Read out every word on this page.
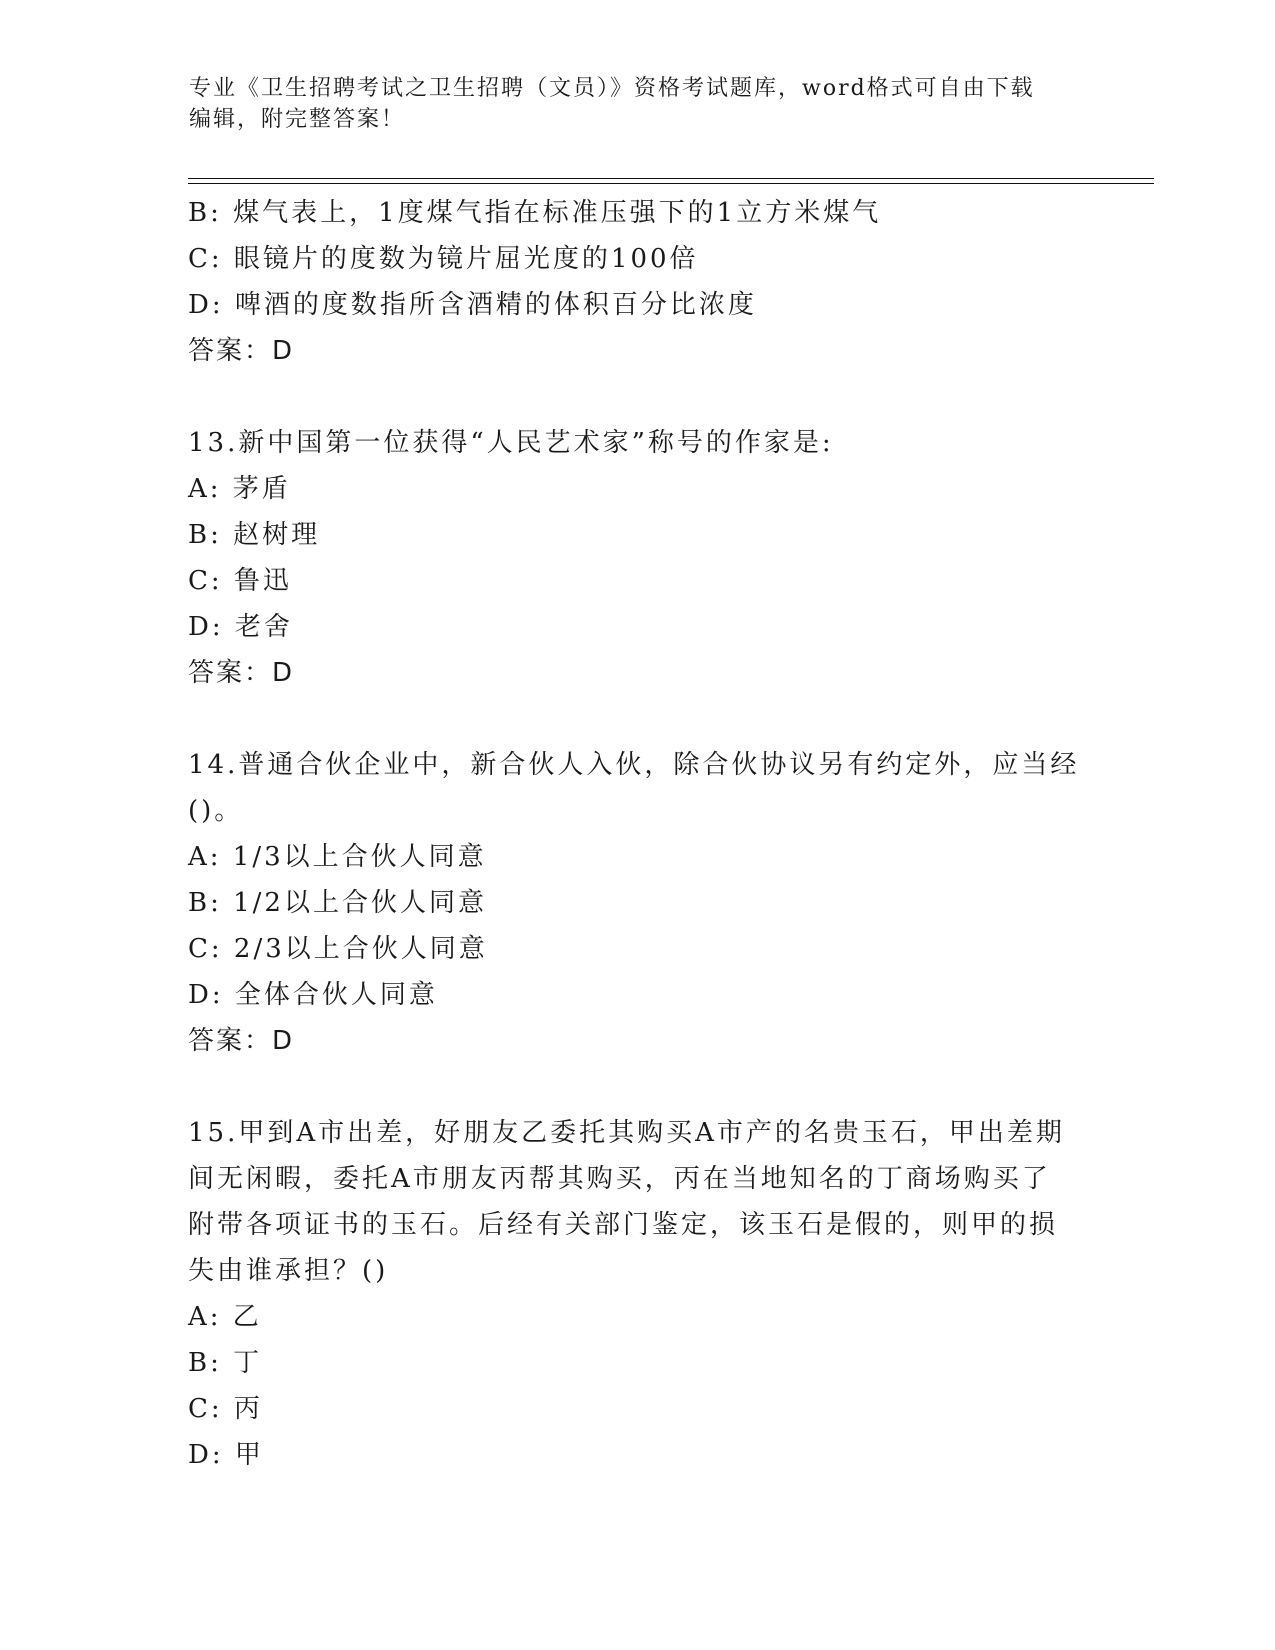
专业《卫生招聘考试之卫生招聘（文员）》资格考试题库，word格式可自由下载
编辑，附完整答案！
B: 煤气表上，1度煤气指在标准压强下的1立方米煤气
C: 眼镜片的度数为镜片屈光度的100倍
D: 啤酒的度数指所含酒精的体积百分比浓度
答案：D
13.新中国第一位获得“人民艺术家”称号的作家是:
A: 茅盾
B: 赵树理
C: 鲁迅
D: 老舍
答案：D
14.普通合伙企业中，新合伙人入伙，除合伙协议另有约定外，应当经
()。
A: 1/3以上合伙人同意
B: 1/2以上合伙人同意
C: 2/3以上合伙人同意
D: 全体合伙人同意
答案：D
15.甲到A市出差，好朋友乙委托其购买A市产的名贵玉石，甲出差期
间无闲暇，委托A市朋友丙帮其购买，丙在当地知名的丁商场购买了
附带各项证书的玉石。后经有关部门鉴定，该玉石是假的，则甲的损
失由谁承担？()
A: 乙
B: 丁
C: 丙
D: 甲
